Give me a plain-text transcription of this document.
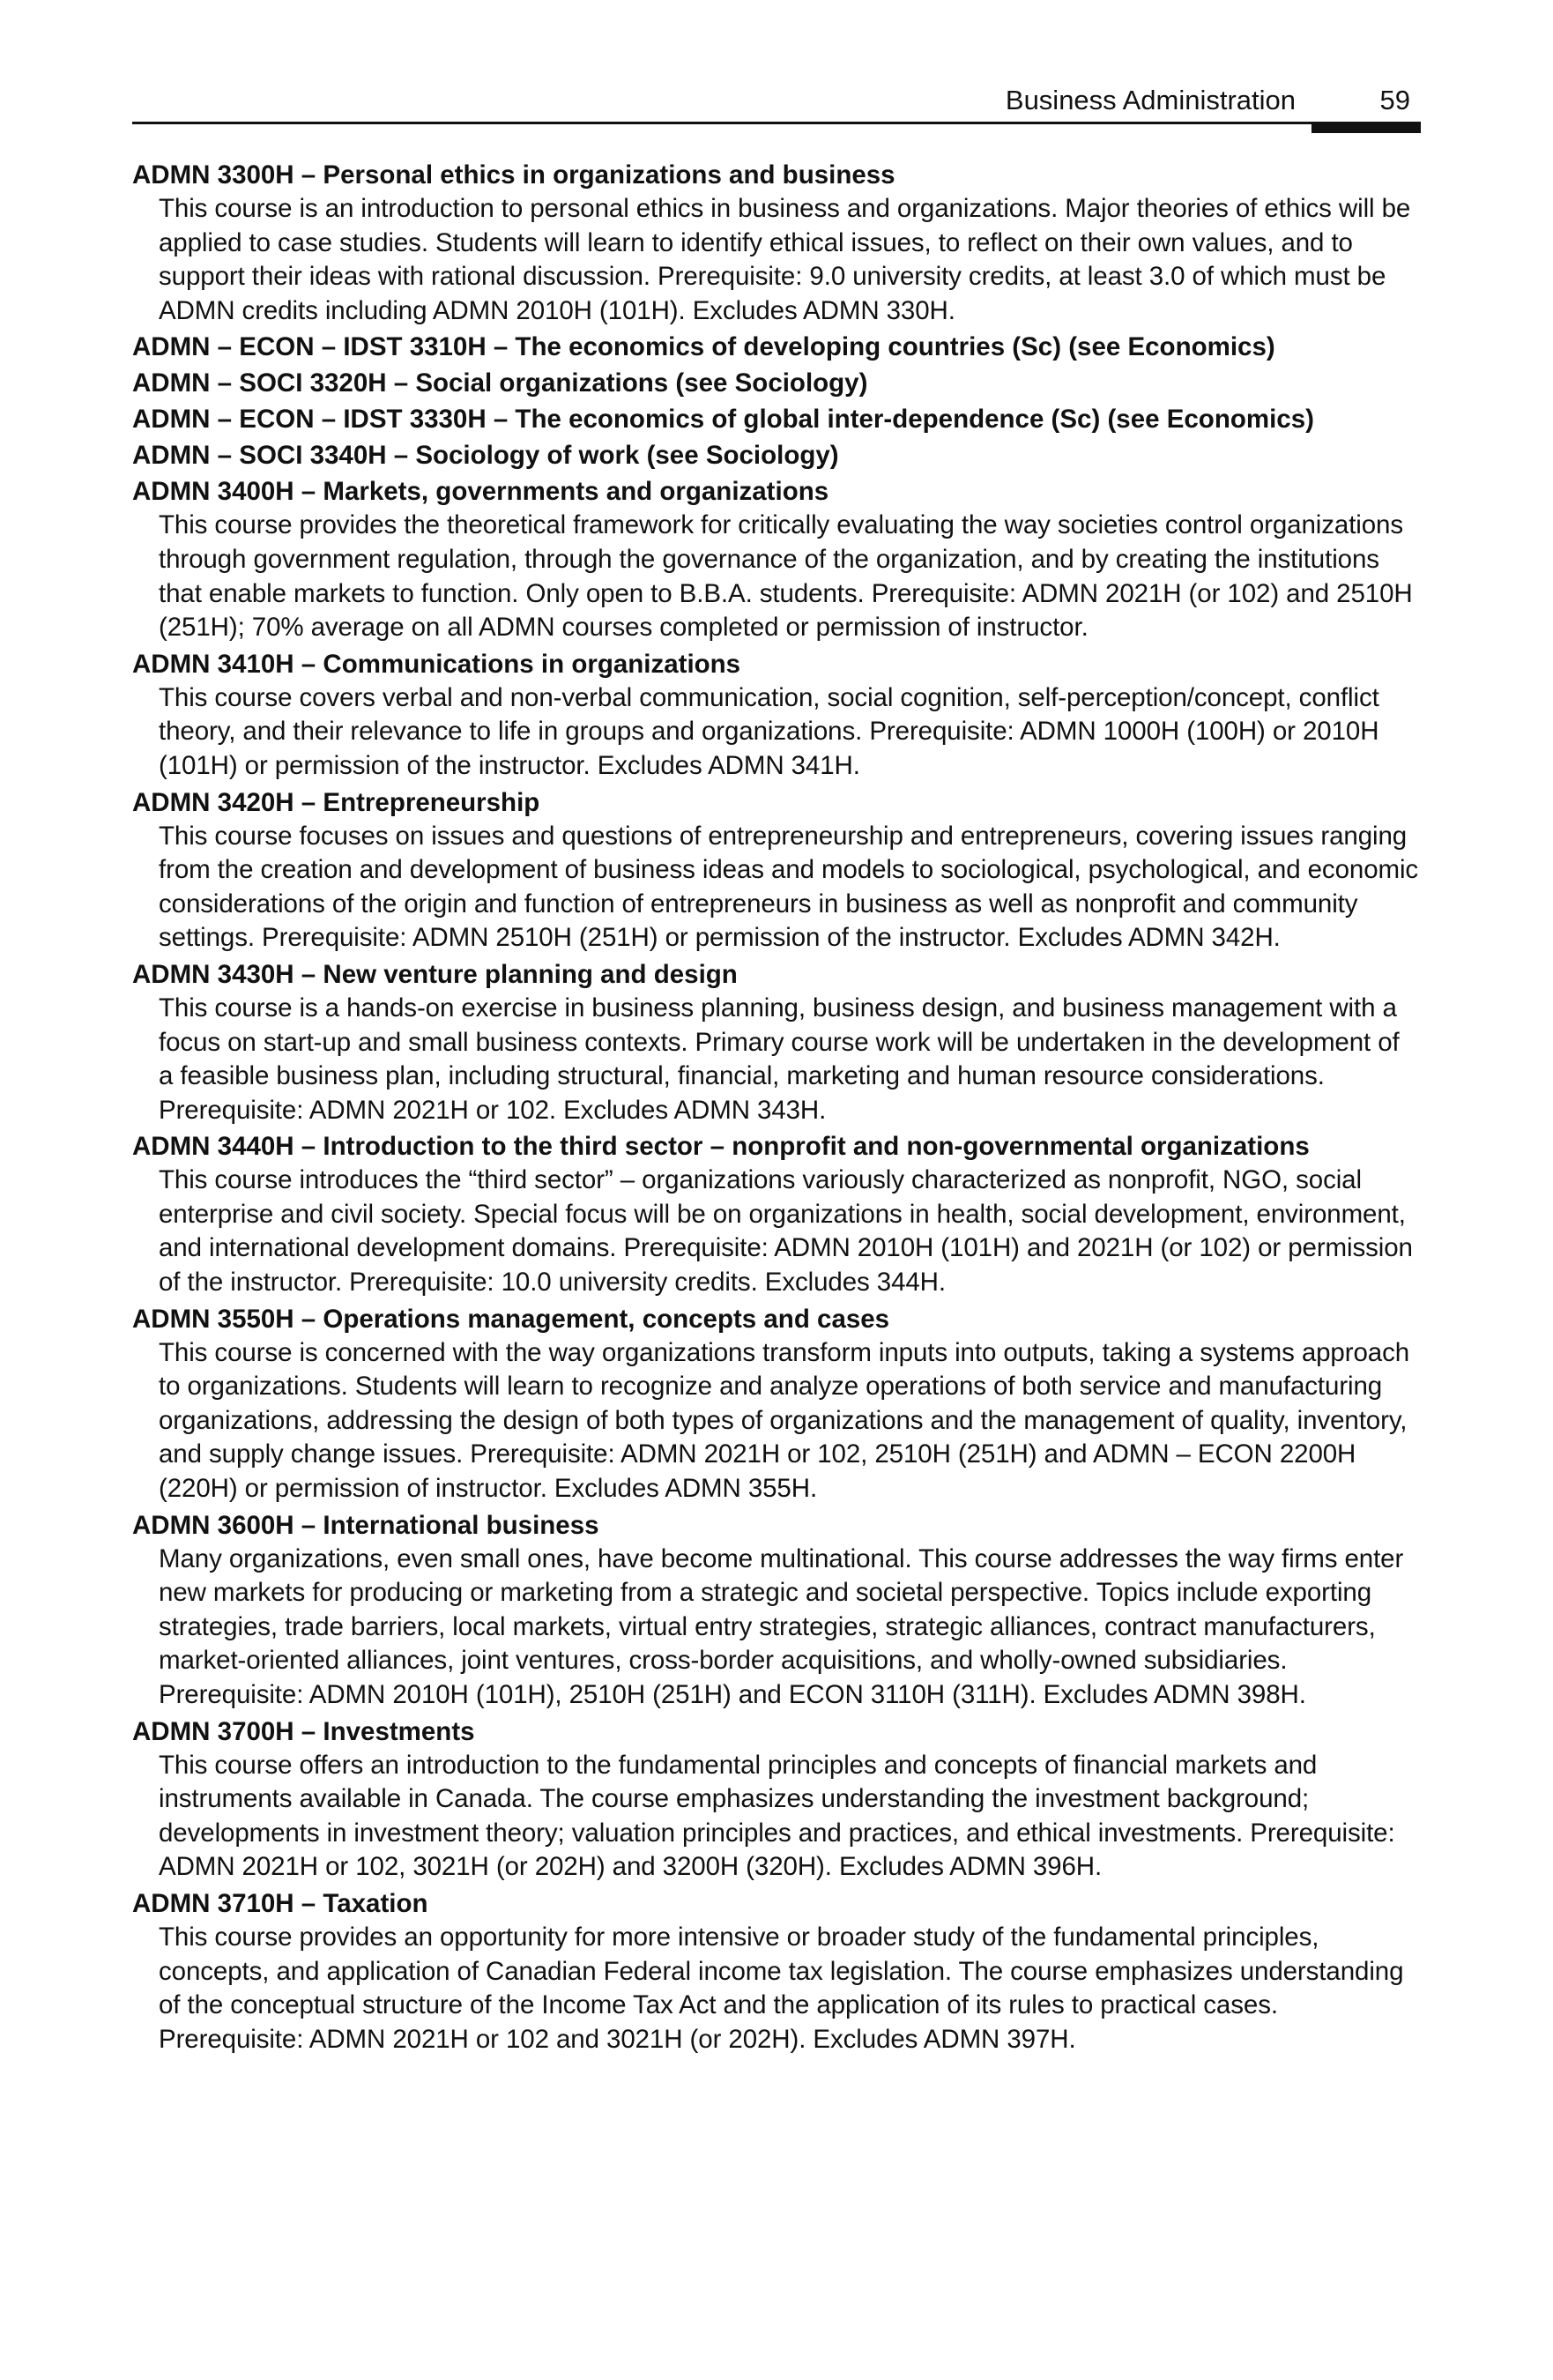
Business Administration	59
ADMN 3300H – Personal ethics in organizations and business
This course is an introduction to personal ethics in business and organizations. Major theories of ethics will be applied to case studies. Students will learn to identify ethical issues, to reflect on their own values, and to support their ideas with rational discussion. Prerequisite: 9.0 university credits, at least 3.0 of which must be ADMN credits including ADMN 2010H (101H). Excludes ADMN 330H.
ADMN – ECON – IDST 3310H – The economics of developing countries (Sc) (see Economics)
ADMN – SOCI 3320H – Social organizations (see Sociology)
ADMN – ECON – IDST 3330H – The economics of global inter-dependence (Sc) (see Economics)
ADMN – SOCI 3340H – Sociology of work (see Sociology)
ADMN 3400H – Markets, governments and organizations
This course provides the theoretical framework for critically evaluating the way societies control organizations through government regulation, through the governance of the organization, and by creating the institutions that enable markets to function. Only open to B.B.A. students. Prerequisite: ADMN 2021H (or 102) and 2510H (251H); 70% average on all ADMN courses completed or permission of instructor.
ADMN 3410H – Communications in organizations
This course covers verbal and non-verbal communication, social cognition, self-perception/concept, conflict theory, and their relevance to life in groups and organizations. Prerequisite: ADMN 1000H (100H) or 2010H (101H) or permission of the instructor. Excludes ADMN 341H.
ADMN 3420H – Entrepreneurship
This course focuses on issues and questions of entrepreneurship and entrepreneurs, covering issues ranging from the creation and development of business ideas and models to sociological, psychological, and economic considerations of the origin and function of entrepreneurs in business as well as nonprofit and community settings. Prerequisite: ADMN 2510H (251H) or permission of the instructor. Excludes ADMN 342H.
ADMN 3430H – New venture planning and design
This course is a hands-on exercise in business planning, business design, and business management with a focus on start-up and small business contexts. Primary course work will be undertaken in the development of a feasible business plan, including structural, financial, marketing and human resource considerations. Prerequisite: ADMN 2021H or 102. Excludes ADMN 343H.
ADMN 3440H – Introduction to the third sector – nonprofit and non-governmental organizations
This course introduces the “third sector” – organizations variously characterized as nonprofit, NGO, social enterprise and civil society. Special focus will be on organizations in health, social development, environment, and international development domains. Prerequisite: ADMN 2010H (101H) and 2021H (or 102) or permission of the instructor. Prerequisite: 10.0 university credits. Excludes 344H.
ADMN 3550H – Operations management, concepts and cases
This course is concerned with the way organizations transform inputs into outputs, taking a systems approach to organizations. Students will learn to recognize and analyze operations of both service and manufacturing organizations, addressing the design of both types of organizations and the management of quality, inventory, and supply change issues. Prerequisite: ADMN 2021H or 102, 2510H (251H) and ADMN – ECON 2200H (220H) or permission of instructor. Excludes ADMN 355H.
ADMN 3600H – International business
Many organizations, even small ones, have become multinational. This course addresses the way firms enter new markets for producing or marketing from a strategic and societal perspective. Topics include exporting strategies, trade barriers, local markets, virtual entry strategies, strategic alliances, contract manufacturers, market-oriented alliances, joint ventures, cross-border acquisitions, and wholly-owned subsidiaries. Prerequisite: ADMN 2010H (101H), 2510H (251H) and ECON 3110H (311H). Excludes ADMN 398H.
ADMN 3700H – Investments
This course offers an introduction to the fundamental principles and concepts of financial markets and instruments available in Canada. The course emphasizes understanding the investment background; developments in investment theory; valuation principles and practices, and ethical investments. Prerequisite: ADMN 2021H or 102, 3021H (or 202H) and 3200H (320H). Excludes ADMN 396H.
ADMN 3710H – Taxation
This course provides an opportunity for more intensive or broader study of the fundamental principles, concepts, and application of Canadian Federal income tax legislation. The course emphasizes understanding of the conceptual structure of the Income Tax Act and the application of its rules to practical cases. Prerequisite: ADMN 2021H or 102 and 3021H (or 202H). Excludes ADMN 397H.
